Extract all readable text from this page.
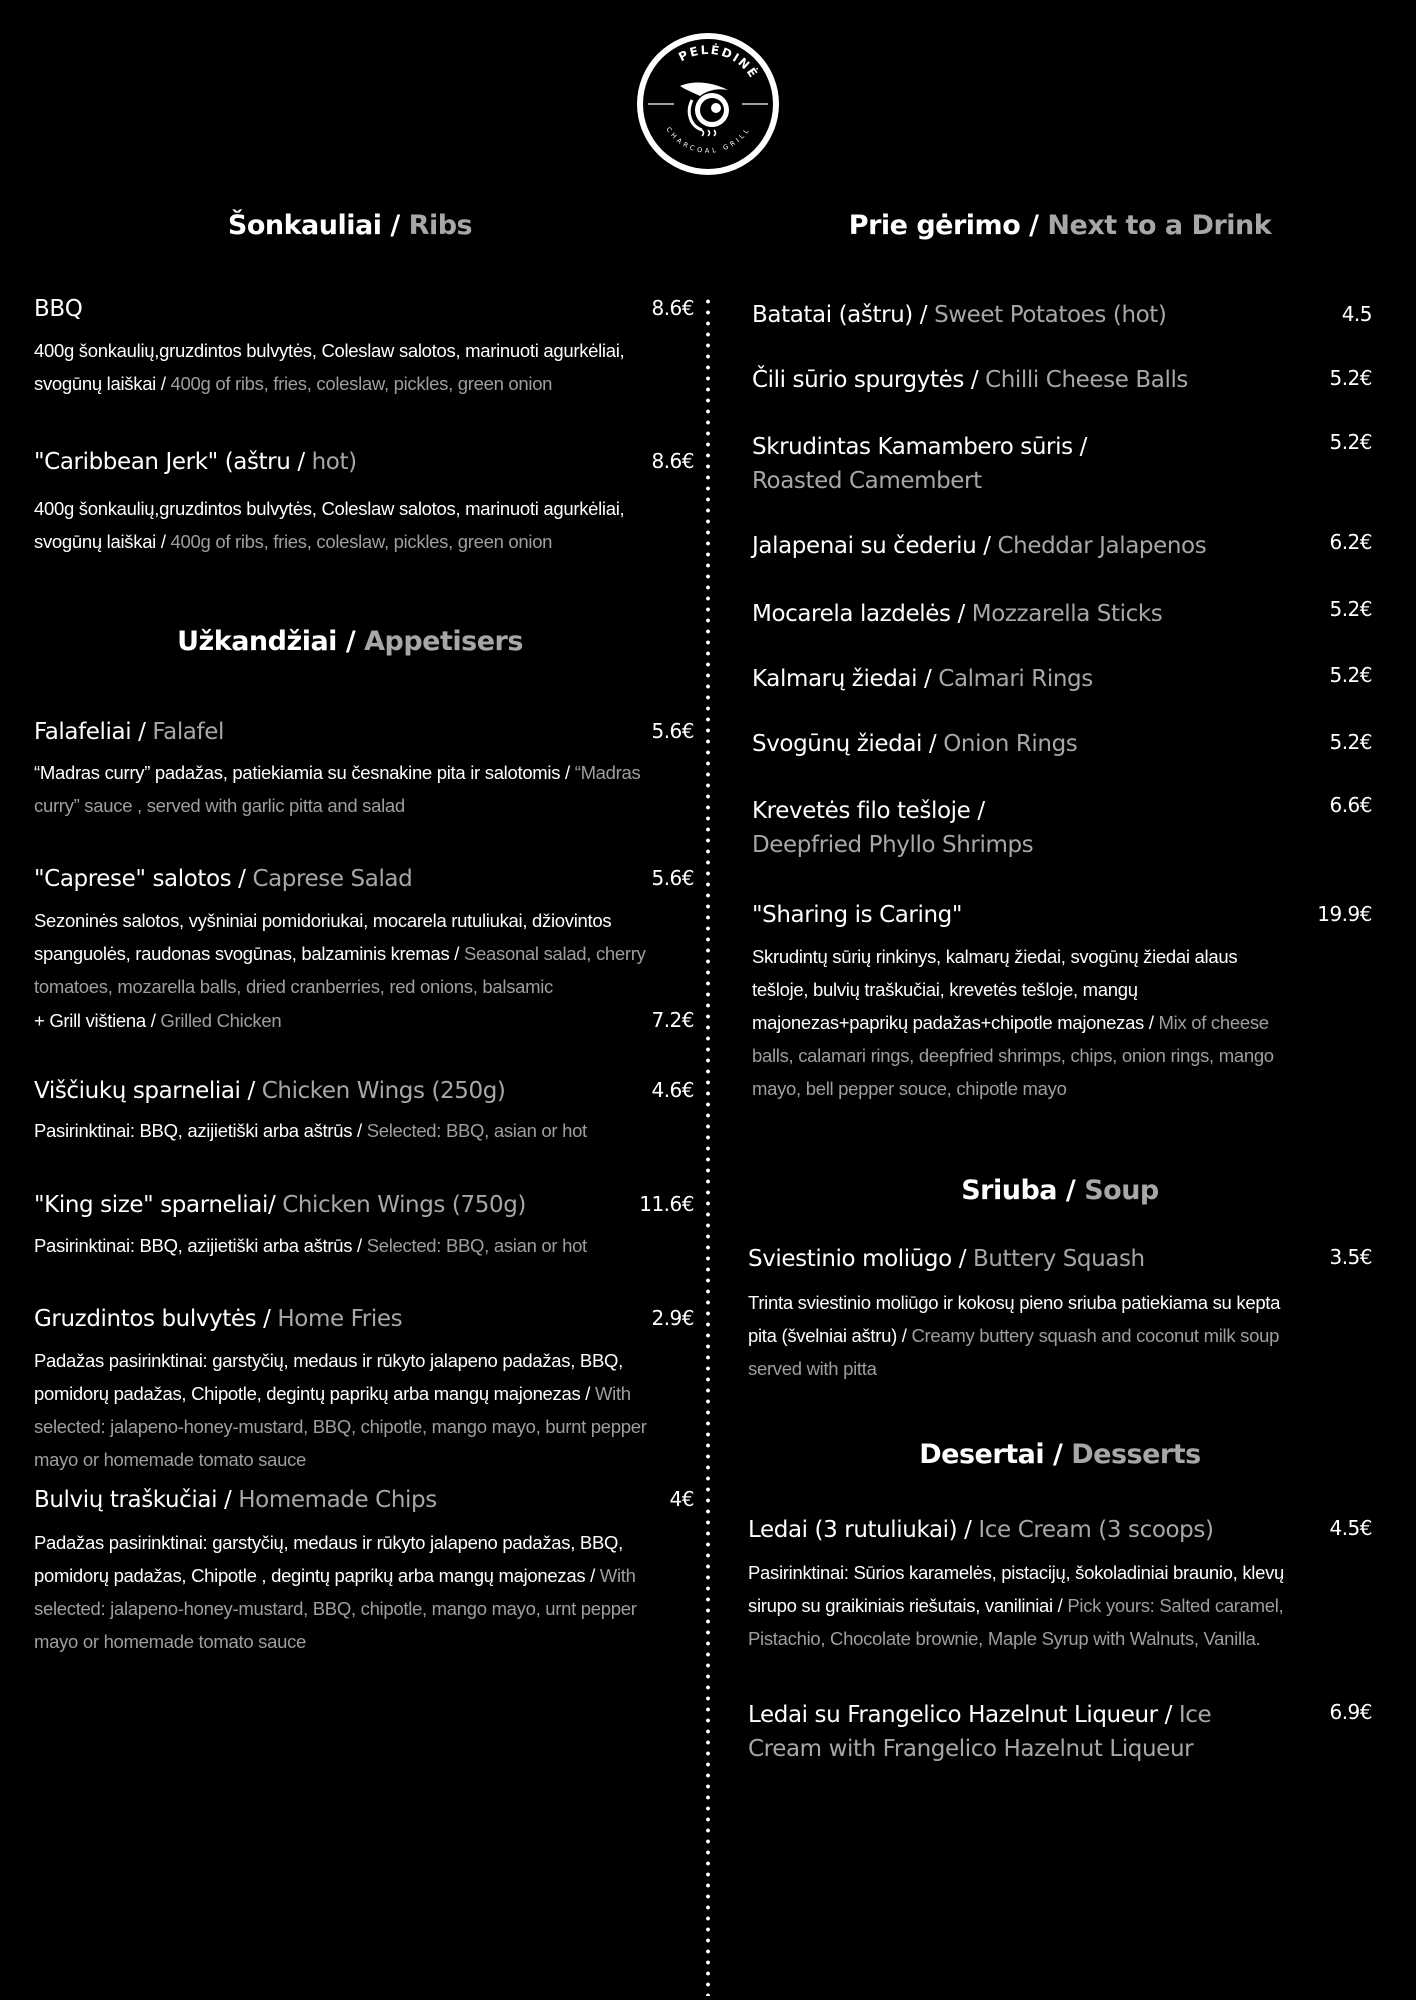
PELĖDINĖ
CHARCOAL GRILL
Šonkauliai / Ribs
BBQ	8.6€
400g šonkaulių,gruzdintos bulvytės, Coleslaw salotos, marinuoti agurkėliai, svogūnų laiškai / 400g of ribs, fries, coleslaw, pickles, green onion
"Caribbean Jerk" (aštru / hot)	8.6€
400g šonkaulių,gruzdintos bulvytės, Coleslaw salotos, marinuoti agurkėliai, svogūnų laiškai / 400g of ribs, fries, coleslaw, pickles, green onion
Užkandžiai / Appetisers
Falafeliai / Falafel	5.6€
“Madras curry” padažas, patiekiamia su česnakine pita ir salotomis / “Madras curry” sauce , served with garlic pitta and salad
"Caprese" salotos / Caprese Salad	5.6€
Sezoninės salotos, vyšniniai pomidoriukai, mocarela rutuliukai, džiovintos spanguolės, raudonas svogūnas, balzaminis kremas / Seasonal salad, cherry tomatoes, mozarella balls, dried cranberries, red onions, balsamic
+ Grill vištiena / Grilled Chicken	7.2€
Viščiukų sparneliai / Chicken Wings (250g)	4.6€
Pasirinktinai: BBQ, azijietiški arba aštrūs / Selected: BBQ, asian or hot
"King size" sparneliai/ Chicken Wings (750g)	11.6€
Pasirinktinai: BBQ, azijietiški arba aštrūs / Selected: BBQ, asian or hot
Gruzdintos bulvytės / Home Fries	2.9€
Padažas pasirinktinai: garstyčių, medaus ir rūkyto jalapeno padažas, BBQ, pomidorų padažas, Chipotle, degintų paprikų arba mangų majonezas / With selected: jalapeno-honey-mustard, BBQ, chipotle, mango mayo, burnt pepper mayo or homemade tomato sauce
Bulvių traškučiai / Homemade Chips	4€
Padažas pasirinktinai: garstyčių, medaus ir rūkyto jalapeno padažas, BBQ, pomidorų padažas, Chipotle , degintų paprikų arba mangų majonezas / With selected: jalapeno-honey-mustard, BBQ, chipotle, mango mayo, urnt pepper mayo or homemade tomato sauce
Prie gėrimo / Next to a Drink
Batatai (aštru) / Sweet Potatoes (hot)	4.5
Čili sūrio spurgytės / Chilli Cheese Balls	5.2€
Skrudintas Kamambero sūris / Roasted Camembert
5.2€
Jalapenai su čederiu / Cheddar Jalapenos	6.2€
Mocarela lazdelės / Mozzarella Sticks	5.2€
Kalmarų žiedai / Calmari Rings	5.2€
Svogūnų žiedai / Onion Rings	5.2€
Krevetės filo tešloje / Deepfried Phyllo Shrimps
6.6€
"Sharing is Caring"	19.9€
Skrudintų sūrių rinkinys, kalmarų žiedai, svogūnų žiedai alaus tešloje, bulvių traškučiai, krevetės tešloje, mangų majonezas+paprikų padažas+chipotle majonezas / Mix of cheese balls, calamari rings, deepfried shrimps, chips, onion rings, mango mayo, bell pepper souce, chipotle mayo
Sriuba / Soup
Sviestinio moliūgo / Buttery Squash	3.5€
Trinta sviestinio moliūgo ir kokosų pieno sriuba patiekiama su kepta pita (švelniai aštru) / Creamy buttery squash and coconut milk soup served with pitta
Desertai / Desserts
Ledai (3 rutuliukai) / Ice Cream (3 scoops)	4.5€
Pasirinktinai: Sūrios karamelės, pistacijų, šokoladiniai braunio, klevų sirupo su graikiniais riešutais, vaniliniai / Pick yours: Salted caramel, Pistachio, Chocolate brownie, Maple Syrup with Walnuts, Vanilla.
Ledai su Frangelico Hazelnut Liqueur / Ice Cream with Frangelico Hazelnut Liqueur
6.9€
